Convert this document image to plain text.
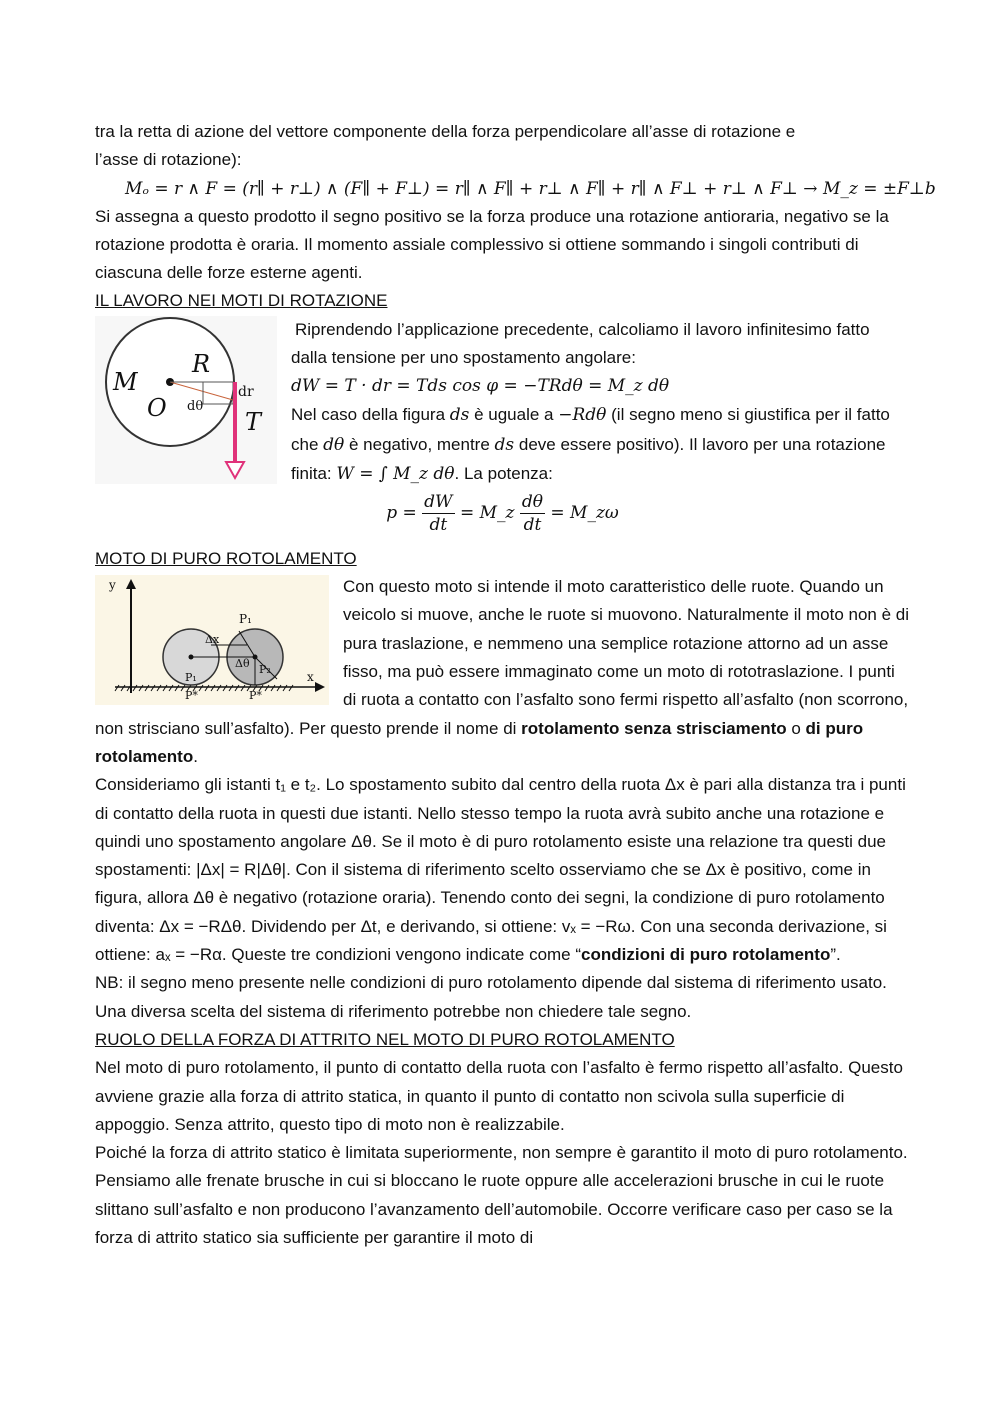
tra la retta di azione del vettore componente della forza perpendicolare all’asse di rotazione e

l’asse di rotazione):

Mₒ = r ∧ F = (r∥ + r⊥) ∧ (F∥ + F⊥) = r∥ ∧ F∥ + r⊥ ∧ F∥ + r∥ ∧ F⊥ + r⊥ ∧ F⊥ → M_z = ±F⊥b

Si assegna a questo prodotto il segno positivo se la forza produce una rotazione antioraria, negativo se la rotazione prodotta è oraria. Il momento assiale complessivo si ottiene sommando i singoli contributi di ciascuna delle forze esterne agenti.

IL LAVORO NEI MOTI DI ROTAZIONE
M
R
O dθ
dr
T

Riprendendo l’applicazione precedente, calcoliamo il lavoro infinitesimo fatto dalla tensione per uno spostamento angolare:

dW = T · dr = Tds cos φ = −TRdθ = M_z dθ

Nel caso della figura ds è uguale a −Rdθ (il segno meno si giustifica per il fatto che dθ è negativo, mentre ds deve essere positivo). Il lavoro per una rotazione finita: W = ∫ M_z dθ. La potenza:

$p = \frac{dW}{dt}$ = M_z $\frac{d\theta}{dt}$ = M_zω
MOTO DI PURO ROTOLAMENTO
P₁
Δx
Δθ P₂
P₁
P*	P*
y
x

Con questo moto si intende il moto caratteristico delle ruote. Quando un veicolo si muove, anche le ruote si muovono. Naturalmente il moto non è di pura traslazione, e nemmeno una semplice rotazione attorno ad un asse fisso, ma può essere immaginato come un moto di rototraslazione. I punti di ruota a contatto con l’asfalto sono fermi rispetto all’asfalto (non scorrono, non strisciano sull’asfalto). Per questo prende il nome di rotolamento senza strisciamento o di puro rotolamento.

Consideriamo gli istanti t₁ e t₂. Lo spostamento subito dal centro della ruota Δx è pari alla distanza tra i punti di contatto della ruota in questi due istanti. Nello stesso tempo la ruota avrà subito anche una rotazione e quindi uno spostamento angolare Δθ. Se il moto è di puro rotolamento esiste una relazione tra questi due spostamenti: |Δx| = R|Δθ|. Con il sistema di riferimento scelto osserviamo che se Δx è positivo, come in figura, allora Δθ è negativo (rotazione oraria). Tenendo conto dei segni, la condizione di puro rotolamento diventa: Δx = −RΔθ. Dividendo per Δt, e derivando, si ottiene: vₓ = −Rω. Con una seconda derivazione, si ottiene: aₓ = −Rα. Queste tre condizioni vengono indicate come “condizioni di puro rotolamento”.

NB: il segno meno presente nelle condizioni di puro rotolamento dipende dal sistema di riferimento usato. Una diversa scelta del sistema di riferimento potrebbe non chiedere tale segno.

RUOLO DELLA FORZA DI ATTRITO NEL MOTO DI PURO ROTOLAMENTO

Nel moto di puro rotolamento, il punto di contatto della ruota con l’asfalto è fermo rispetto all’asfalto. Questo avviene grazie alla forza di attrito statica, in quanto il punto di contatto non scivola sulla superficie di appoggio. Senza attrito, questo tipo di moto non è realizzabile.

Poiché la forza di attrito statico è limitata superiormente, non sempre è garantito il moto di puro rotolamento. Pensiamo alle frenate brusche in cui si bloccano le ruote oppure alle accelerazioni brusche in cui le ruote slittano sull’asfalto e non producono l’avanzamento dell’automobile. Occorre verificare caso per caso se la forza di attrito statico sia sufficiente per garantire il moto di
